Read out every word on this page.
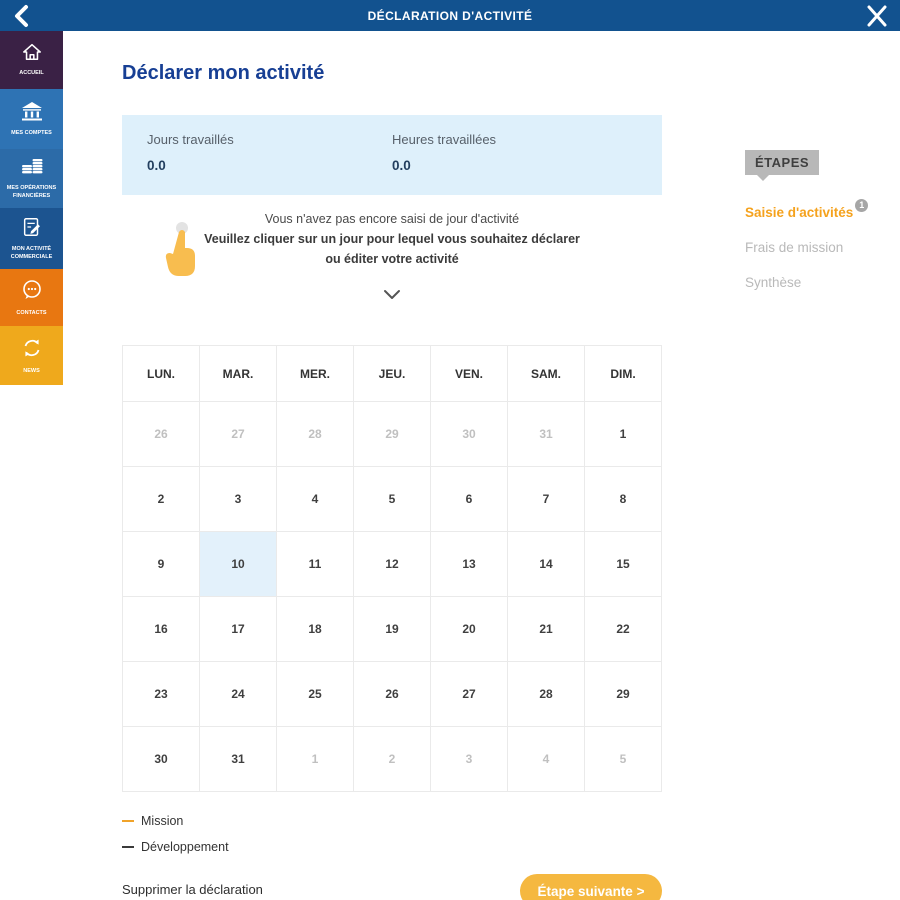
DÉCLARATION D'ACTIVITÉ
ACCUEIL
MES COMPTES
MES OPÉRATIONS FINANCIÈRES
MON ACTIVITÉ COMMERCIALE
CONTACTS
NEWS
Déclarer mon activité
Jours travaillés
0.0
Heures travaillées
0.0
Vous n'avez pas encore saisi de jour d'activité
Veuillez cliquer sur un jour pour lequel vous souhaitez déclarer
ou éditer votre activité
ÉTAPES
Saisie d'activités 1
Frais de mission
Synthèse
LUN.	MAR.	MER.	JEU.	VEN.	SAM.	DIM.
26	27	28	29	30	31	1
2	3	4	5	6	7	8
9	10	11	12	13	14	15
16	17	18	19	20	21	22
23	24	25	26	27	28	29
30	31	1	2	3	4	5
Mission
Développement
Supprimer la déclaration	Étape suivante >
